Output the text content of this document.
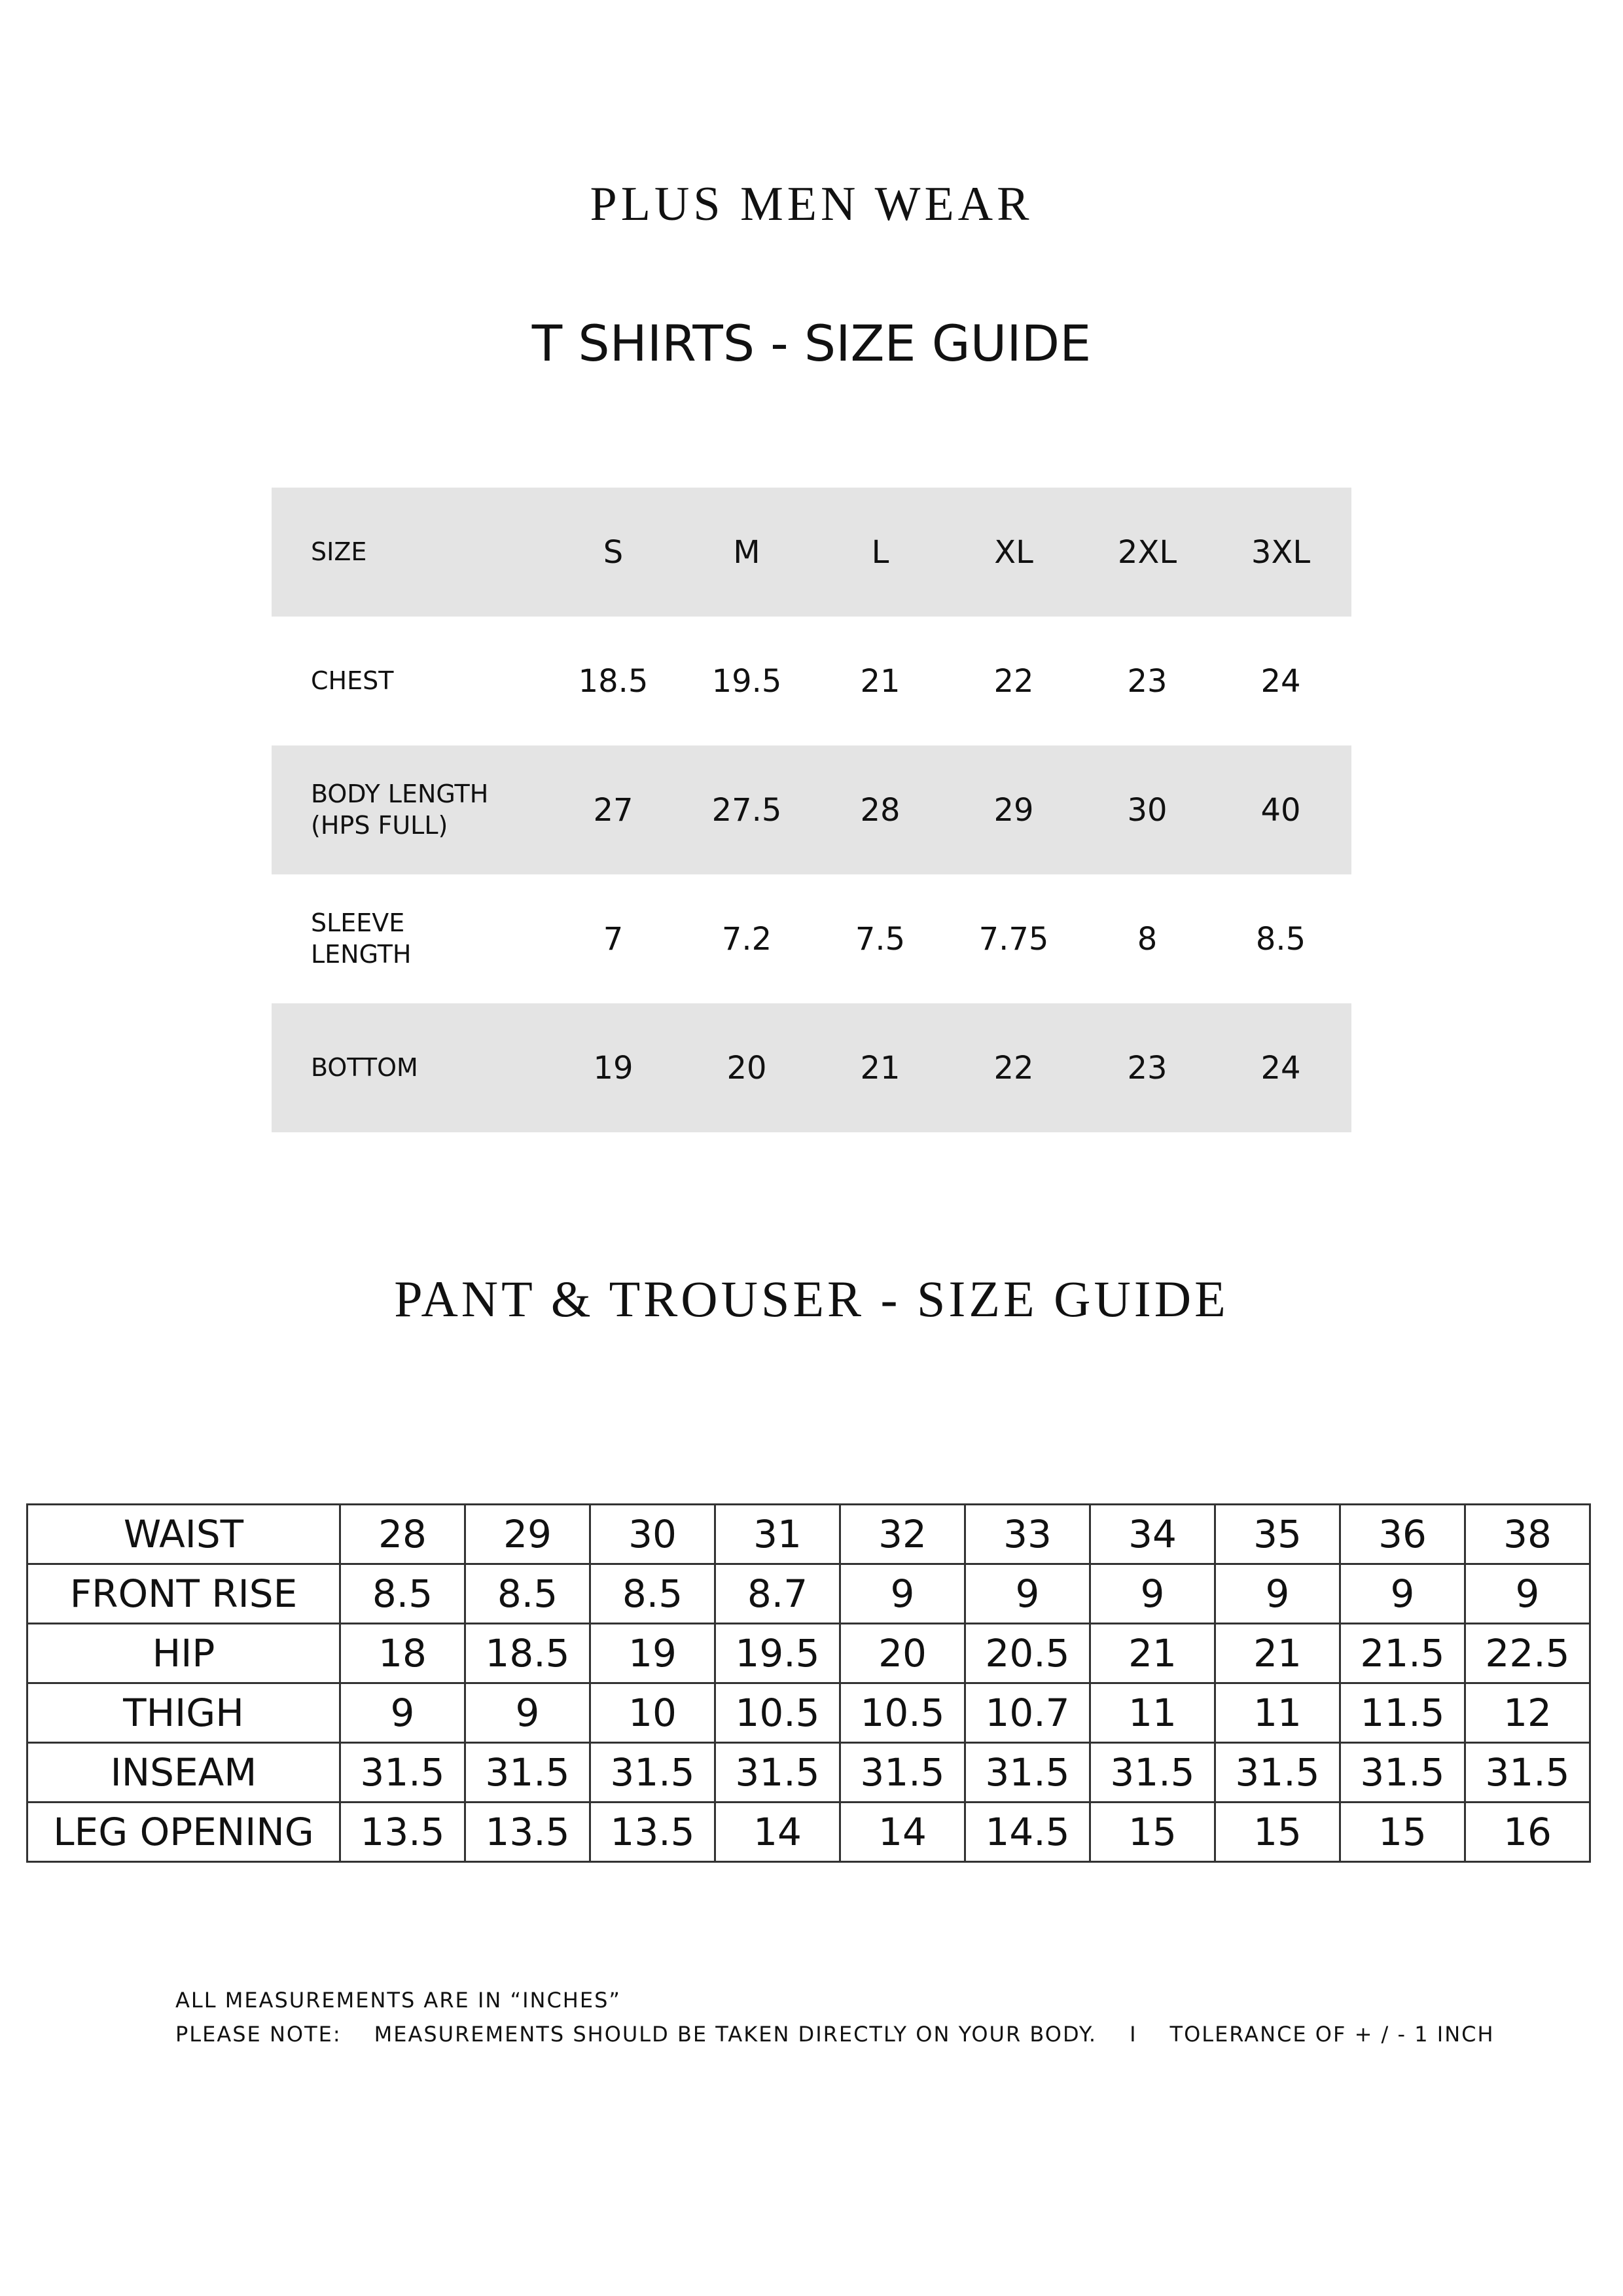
PLUS MEN WEAR
T SHIRTS - SIZE GUIDE
SIZE	S	M	L	XL	2XL	3XL
CHEST	18.5	19.5	21	22	23	24
BODY LENGTH
(HPS FULL)	27	27.5	28	29	30	40
SLEEVE
LENGTH	7	7.2	7.5	7.75	8	8.5
BOTTOM	19	20	21	22	23	24
PANT & TROUSER - SIZE GUIDE
WAIST	28	29	30	31	32	33	34	35	36	38
FRONT RISE	8.5	8.5	8.5	8.7	9	9	9	9	9	9
HIP	18	18.5	19	19.5	20	20.5	21	21	21.5	22.5
THIGH	9	9	10	10.5	10.5	10.7	11	11	11.5	12
INSEAM	31.5	31.5	31.5	31.5	31.5	31.5	31.5	31.5	31.5	31.5
LEG OPENING	13.5	13.5	13.5	14	14	14.5	15	15	15	16
ALL MEASUREMENTS ARE IN “INCHES”
PLEASE NOTE: MEASUREMENTS SHOULD BE TAKEN DIRECTLY ON YOUR BODY. I TOLERANCE OF + / - 1 INCH
